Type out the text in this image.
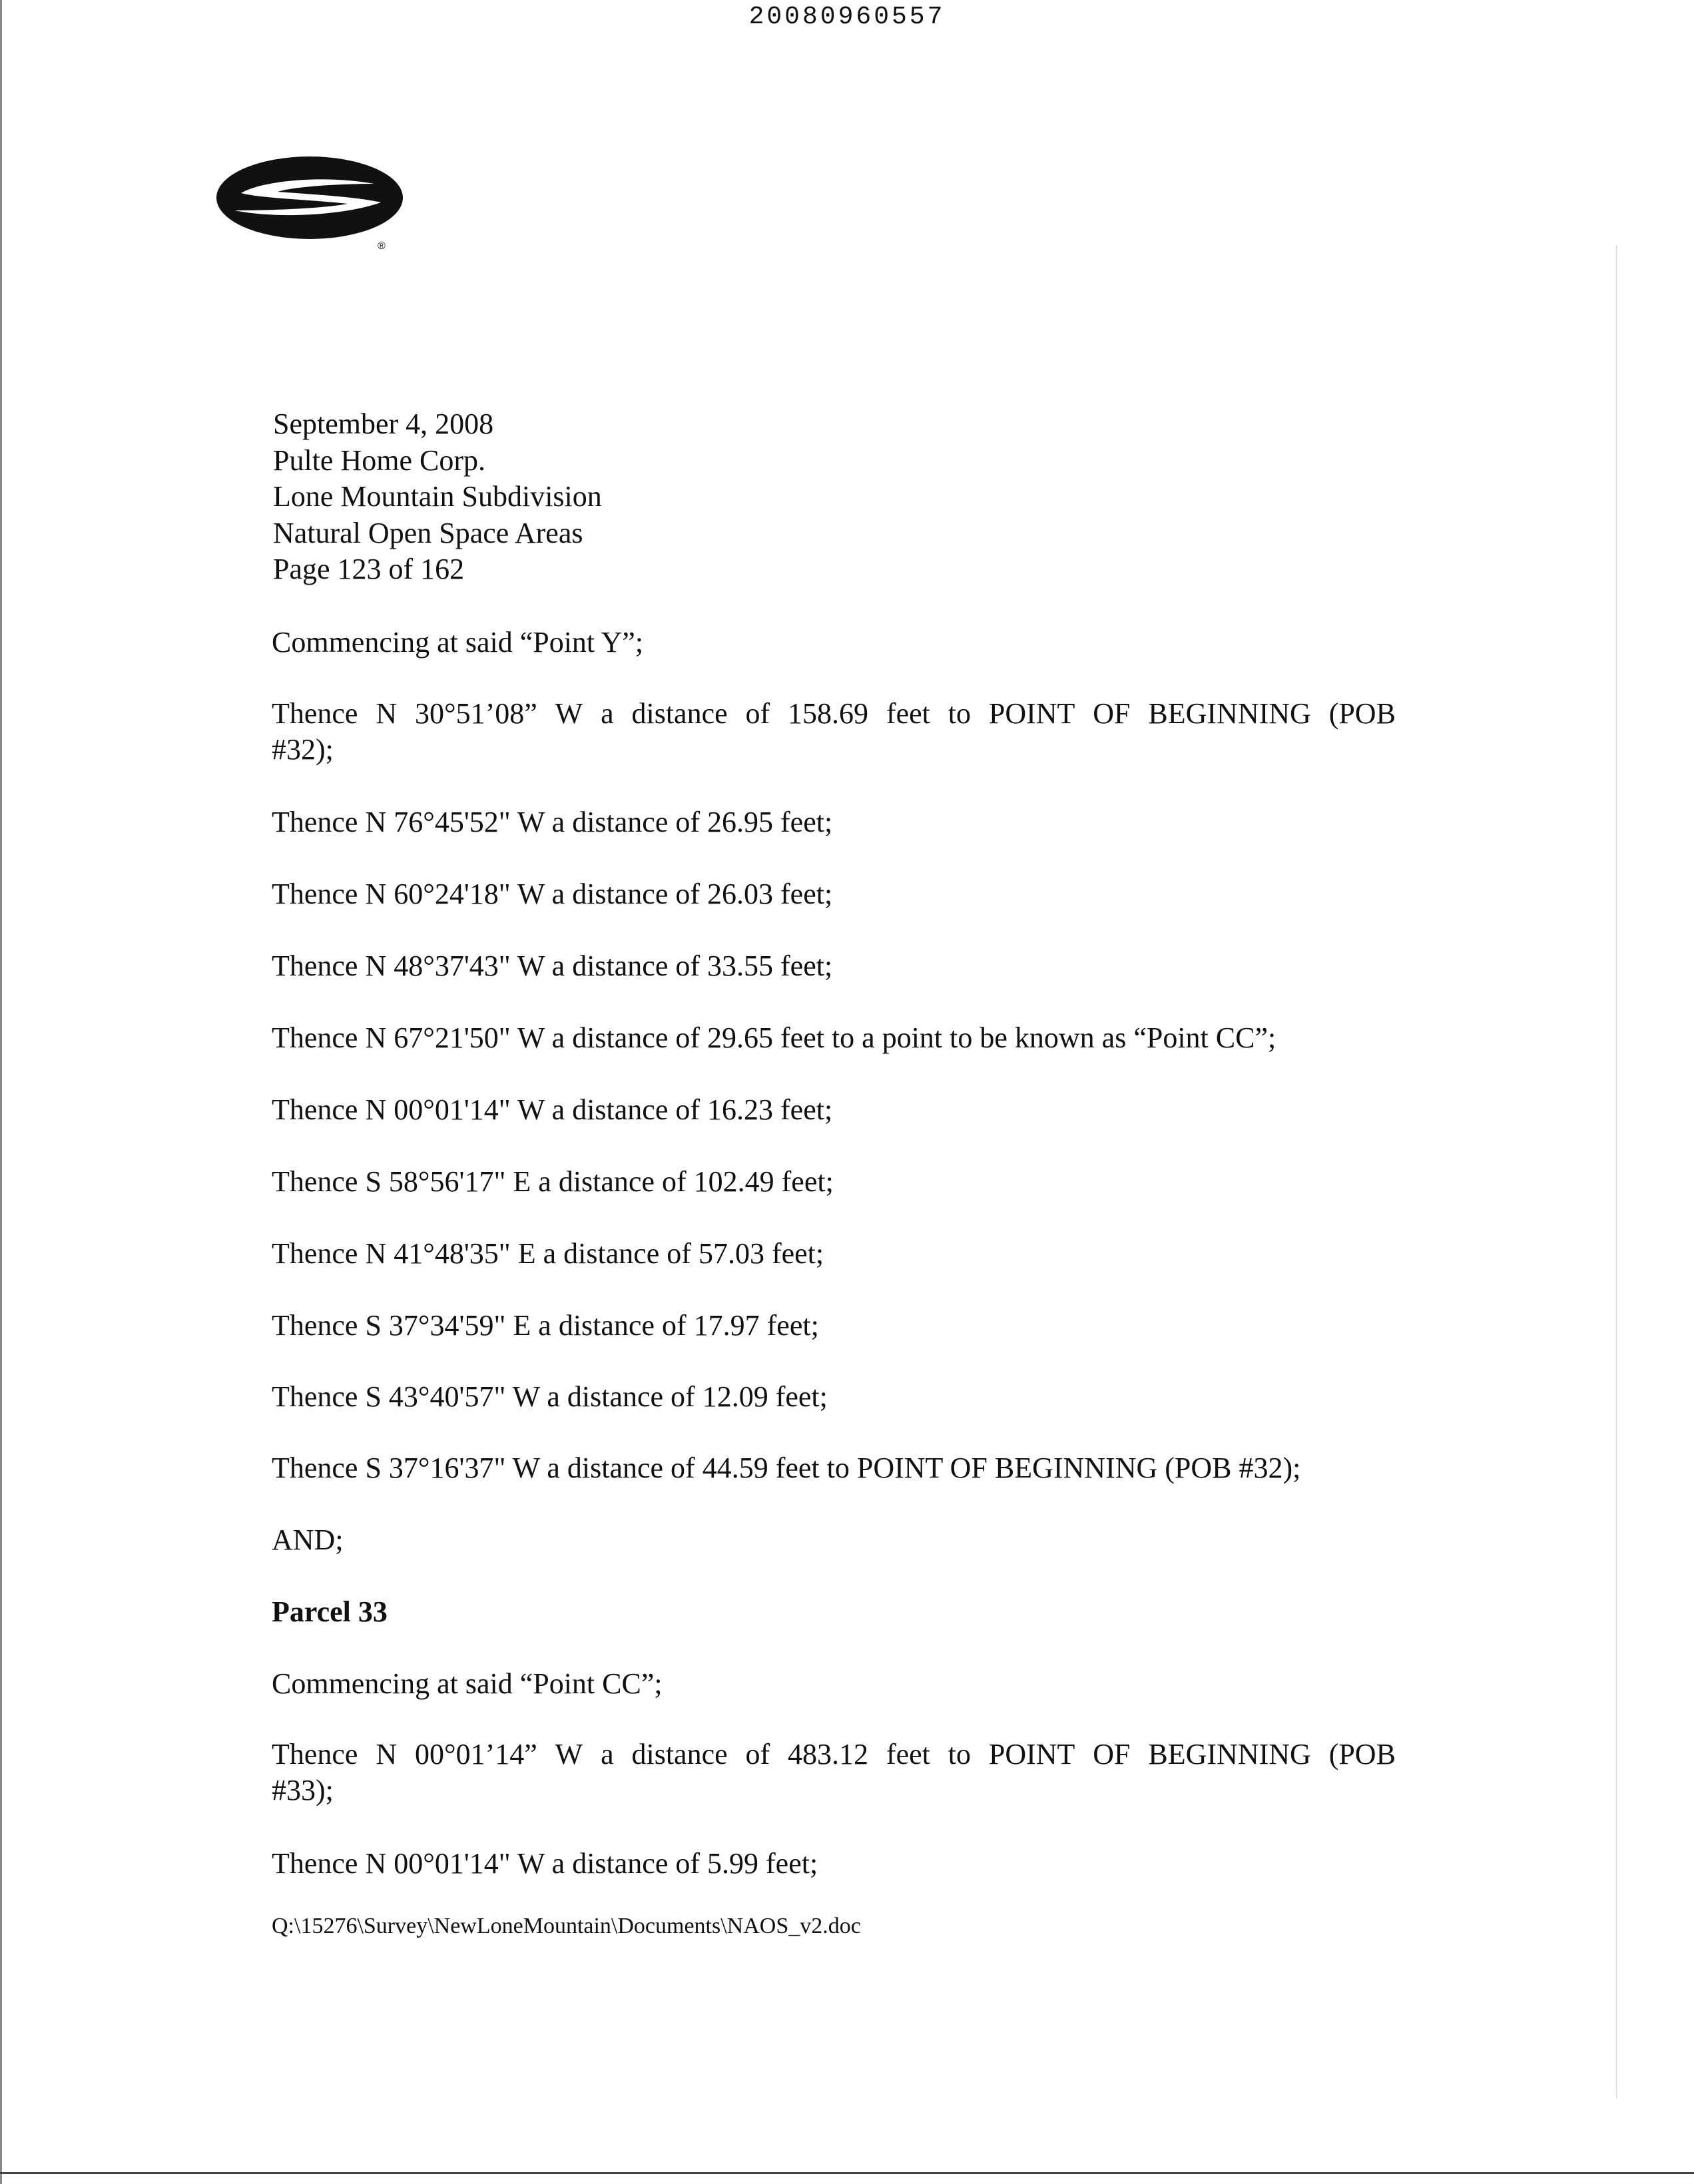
20080960557
®
September 4, 2008
Pulte Home Corp.
Lone Mountain Subdivision
Natural Open Space Areas
Page 123 of 162

Commencing at said “Point Y”;

Thence N 30°51’08” W a distance of 158.69 feet to POINT OF BEGINNING (POB
#32);

Thence N 76°45'52" W a distance of 26.95 feet;

Thence N 60°24'18" W a distance of 26.03 feet;

Thence N 48°37'43" W a distance of 33.55 feet;

Thence N 67°21'50" W a distance of 29.65 feet to a point to be known as “Point CC”;

Thence N 00°01'14" W a distance of 16.23 feet;

Thence S 58°56'17" E a distance of 102.49 feet;

Thence N 41°48'35" E a distance of 57.03 feet;

Thence S 37°34'59" E a distance of 17.97 feet;

Thence S 43°40'57" W a distance of 12.09 feet;

Thence S 37°16'37" W a distance of 44.59 feet to POINT OF BEGINNING (POB #32);

AND;

Parcel 33

Commencing at said “Point CC”;

Thence N 00°01’14” W a distance of 483.12 feet to POINT OF BEGINNING (POB
#33);

Thence N 00°01'14" W a distance of 5.99 feet;

Q:\15276\Survey\NewLoneMountain\Documents\NAOS_v2.doc
